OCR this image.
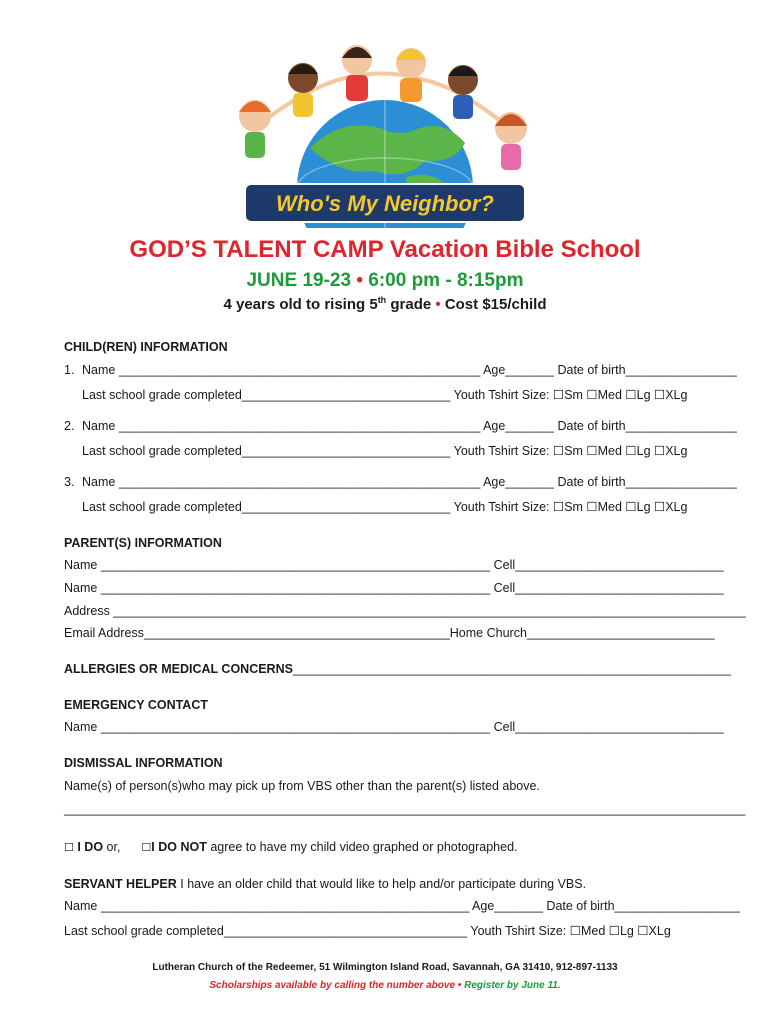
Who's My Neighbor?
GOD’S TALENT CAMP Vacation Bible School
JUNE 19-23 • 6:00 pm - 8:15pm
4 years old to rising 5th grade • Cost $15/child
CHILD(REN) INFORMATION
1. Name ____________________________________________________ Age_______ Date of birth________________
Last school grade completed______________________________ Youth Tshirt Size: ☐Sm ☐Med ☐Lg ☐XLg
2. Name ____________________________________________________ Age_______ Date of birth________________
Last school grade completed______________________________ Youth Tshirt Size: ☐Sm ☐Med ☐Lg ☐XLg
3. Name ____________________________________________________ Age_______ Date of birth________________
Last school grade completed______________________________ Youth Tshirt Size: ☐Sm ☐Med ☐Lg ☐XLg
PARENT(S) INFORMATION
Name ________________________________________________________ Cell______________________________
Name ________________________________________________________ Cell______________________________
Address ___________________________________________________________________________________________
Email Address____________________________________________Home Church___________________________
ALLERGIES OR MEDICAL CONCERNS_______________________________________________________________
EMERGENCY CONTACT
Name ________________________________________________________ Cell______________________________
DISMISSAL INFORMATION
Name(s) of person(s)who may pick up from VBS other than the parent(s) listed above.
__________________________________________________________________________________________________
☐ I DO or, ☐I DO NOT agree to have my child video graphed or photographed.
SERVANT HELPER I have an older child that would like to help and/or participate during VBS.
Name _____________________________________________________ Age_______ Date of birth__________________
Last school grade completed___________________________________ Youth Tshirt Size: ☐Med ☐Lg ☐XLg
Lutheran Church of the Redeemer, 51 Wilmington Island Road, Savannah, GA 31410, 912-897-1133
Scholarships available by calling the number above • Register by June 11.
